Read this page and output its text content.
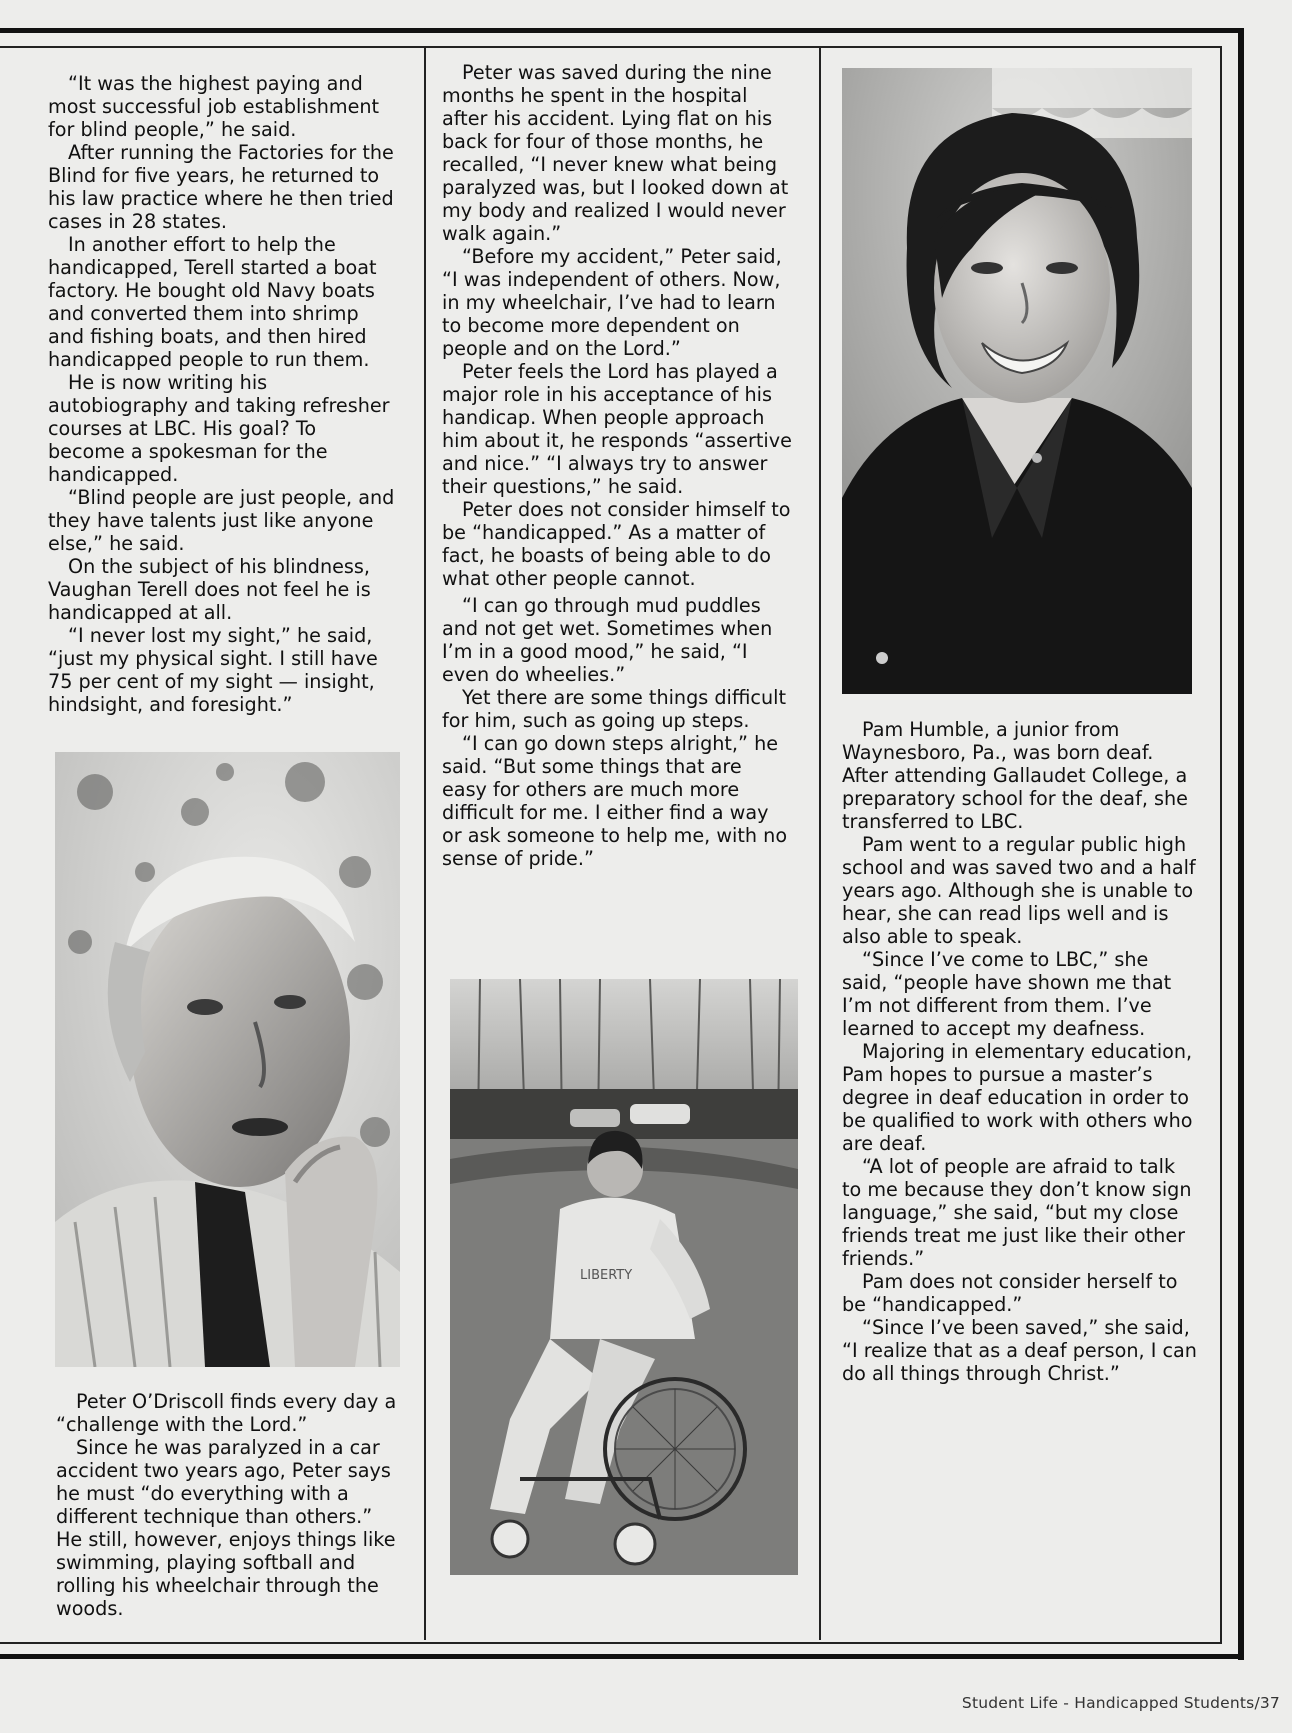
“It was the highest paying and most successful job establishment for blind people,” he said.

After running the Factories for the Blind for five years, he returned to his law practice where he then tried cases in 28 states.

In another effort to help the handicapped, Terell started a boat factory. He bought old Navy boats and converted them into shrimp and fishing boats, and then hired handicapped people to run them.

He is now writing his autobiography and taking refresher courses at LBC. His goal? To become a spokesman for the handicapped.

“Blind people are just people, and they have talents just like anyone else,” he said.

On the subject of his blindness, Vaughan Terell does not feel he is handicapped at all.

“I never lost my sight,” he said, “just my physical sight. I still have 75 per cent of my sight — insight, hindsight, and foresight.”

Peter O’Driscoll finds every day a “challenge with the Lord.”

Since he was paralyzed in a car accident two years ago, Peter says he must “do everything with a different technique than others.” He still, however, enjoys things like swimming, playing softball and rolling his wheelchair through the woods.

Peter was saved during the nine months he spent in the hospital after his accident. Lying flat on his back for four of those months, he recalled, “I never knew what being paralyzed was, but I looked down at my body and realized I would never walk again.”

“Before my accident,” Peter said, “I was independent of others. Now, in my wheelchair, I’ve had to learn to become more dependent on people and on the Lord.”

Peter feels the Lord has played a major role in his acceptance of his handicap. When people approach him about it, he responds “assertive and nice.” “I always try to answer their questions,” he said.

Peter does not consider himself to be “handicapped.” As a matter of fact, he boasts of being able to do what other people cannot.

“I can go through mud puddles and not get wet. Sometimes when I’m in a good mood,” he said, “I even do wheelies.”

Yet there are some things difficult for him, such as going up steps.

“I can go down steps alright,” he said. “But some things that are easy for others are much more difficult for me. I either find a way or ask someone to help me, with no sense of pride.”

LIBERTY

Pam Humble, a junior from Waynesboro, Pa., was born deaf. After attending Gallaudet College, a preparatory school for the deaf, she transferred to LBC.

Pam went to a regular public high school and was saved two and a half years ago. Although she is unable to hear, she can read lips well and is also able to speak.

“Since I’ve come to LBC,” she said, “people have shown me that I’m not different from them. I’ve learned to accept my deafness.

Majoring in elementary education, Pam hopes to pursue a master’s degree in deaf education in order to be qualified to work with others who are deaf.

“A lot of people are afraid to talk to me because they don’t know sign language,” she said, “but my close friends treat me just like their other friends.”

Pam does not consider herself to be “handicapped.”

“Since I’ve been saved,” she said, “I realize that as a deaf person, I can do all things through Christ.”

Student Life - Handicapped Students/37
